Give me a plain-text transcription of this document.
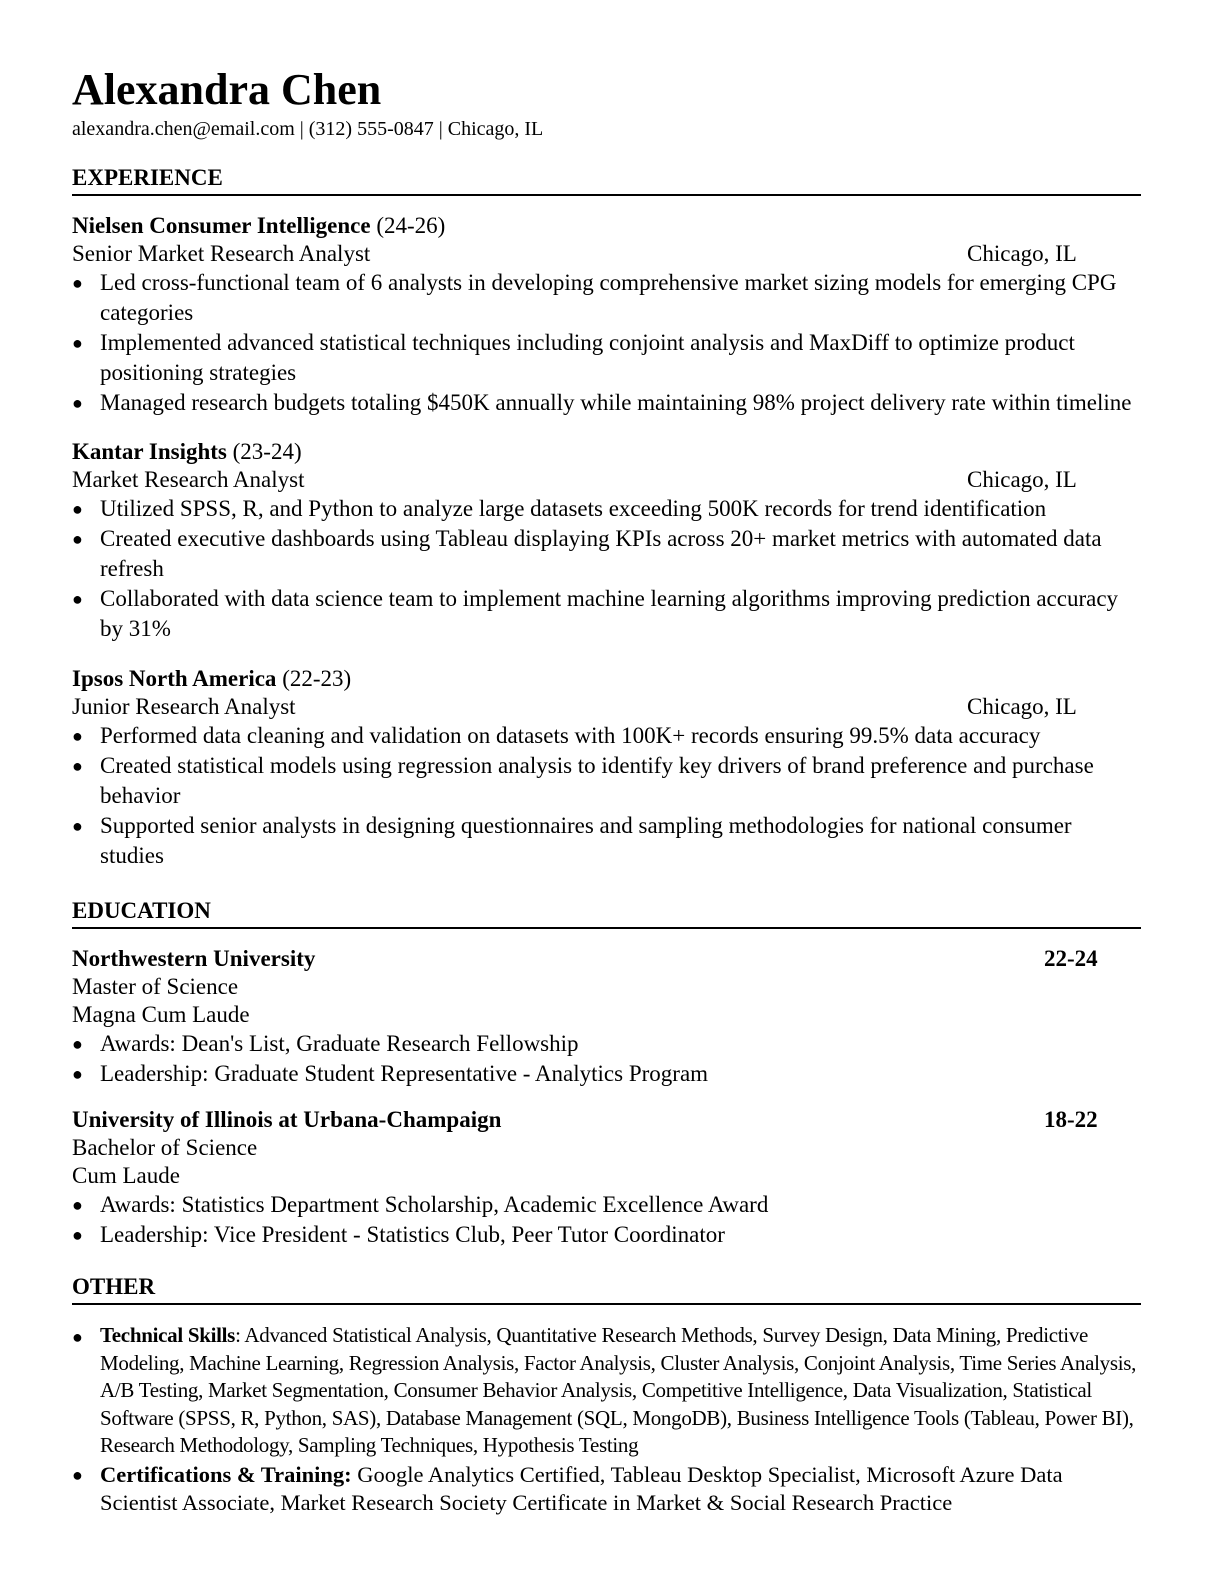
Alexandra Chen

alexandra.chen@email.com | (312) 555-0847 | Chicago, IL

EXPERIENCE
Nielsen Consumer Intelligence (24-26)
Senior Market Research Analyst	Chicago, IL
● Led cross-functional team of 6 analysts in developing comprehensive market sizing models for emerging CPG categories
● Implemented advanced statistical techniques including conjoint analysis and MaxDiff to optimize product positioning strategies
● Managed research budgets totaling $450K annually while maintaining 98% project delivery rate within timeline
Kantar Insights (23-24)
Market Research Analyst	Chicago, IL
● Utilized SPSS, R, and Python to analyze large datasets exceeding 500K records for trend identification
● Created executive dashboards using Tableau displaying KPIs across 20+ market metrics with automated data refresh
● Collaborated with data science team to implement machine learning algorithms improving prediction accuracy by 31%
Ipsos North America (22-23)
Junior Research Analyst	Chicago, IL
● Performed data cleaning and validation on datasets with 100K+ records ensuring 99.5% data accuracy
● Created statistical models using regression analysis to identify key drivers of brand preference and purchase behavior
● Supported senior analysts in designing questionnaires and sampling methodologies for national consumer studies
EDUCATION
Northwestern University	22-24
Master of Science
Magna Cum Laude
● Awards: Dean's List, Graduate Research Fellowship
● Leadership: Graduate Student Representative - Analytics Program
University of Illinois at Urbana-Champaign	18-22
Bachelor of Science
Cum Laude
● Awards: Statistics Department Scholarship, Academic Excellence Award
● Leadership: Vice President - Statistics Club, Peer Tutor Coordinator
OTHER
● Technical Skills: Advanced Statistical Analysis, Quantitative Research Methods, Survey Design, Data Mining, Predictive Modeling, Machine Learning, Regression Analysis, Factor Analysis, Cluster Analysis, Conjoint Analysis, Time Series Analysis, A/B Testing, Market Segmentation, Consumer Behavior Analysis, Competitive Intelligence, Data Visualization, Statistical Software (SPSS, R, Python, SAS), Database Management (SQL, MongoDB), Business Intelligence Tools (Tableau, Power BI), Research Methodology, Sampling Techniques, Hypothesis Testing
● Certifications & Training: Google Analytics Certified, Tableau Desktop Specialist, Microsoft Azure Data Scientist Associate, Market Research Society Certificate in Market & Social Research Practice
